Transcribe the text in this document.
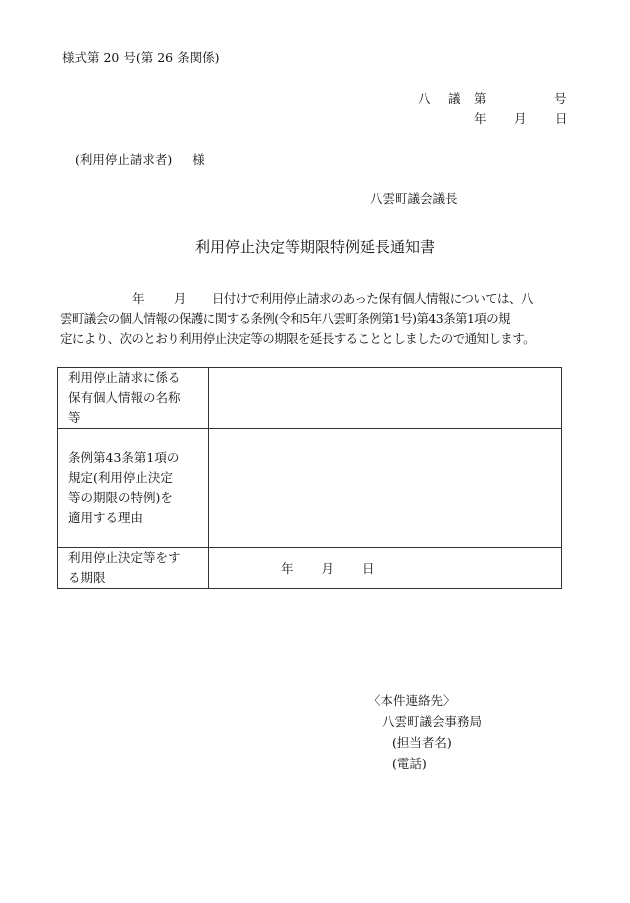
様式第 20 号(第 26 条関係)
八 議 第	号
年 月 日
(利用停止請求者) 様
八雲町議会議長
利用停止決定等期限特例延長通知書
年 月 日付けで利用停止請求のあった保有個人情報については、八
雲町議会の個人情報の保護に関する条例(令和5年八雲町条例第1号)第43条第1項の規
定により、次のとおり利用停止決定等の期限を延長することとしましたので通知します。
利用停止請求に係る
保有個人情報の名称
等	

条例第43条第1項の
規定(利用停止決定
等の期限の特例)を
適用する理由	

利用停止決定等をす
る期限	年 月 日
〈本件連絡先〉
八雲町議会事務局
(担当者名)
(電話)
